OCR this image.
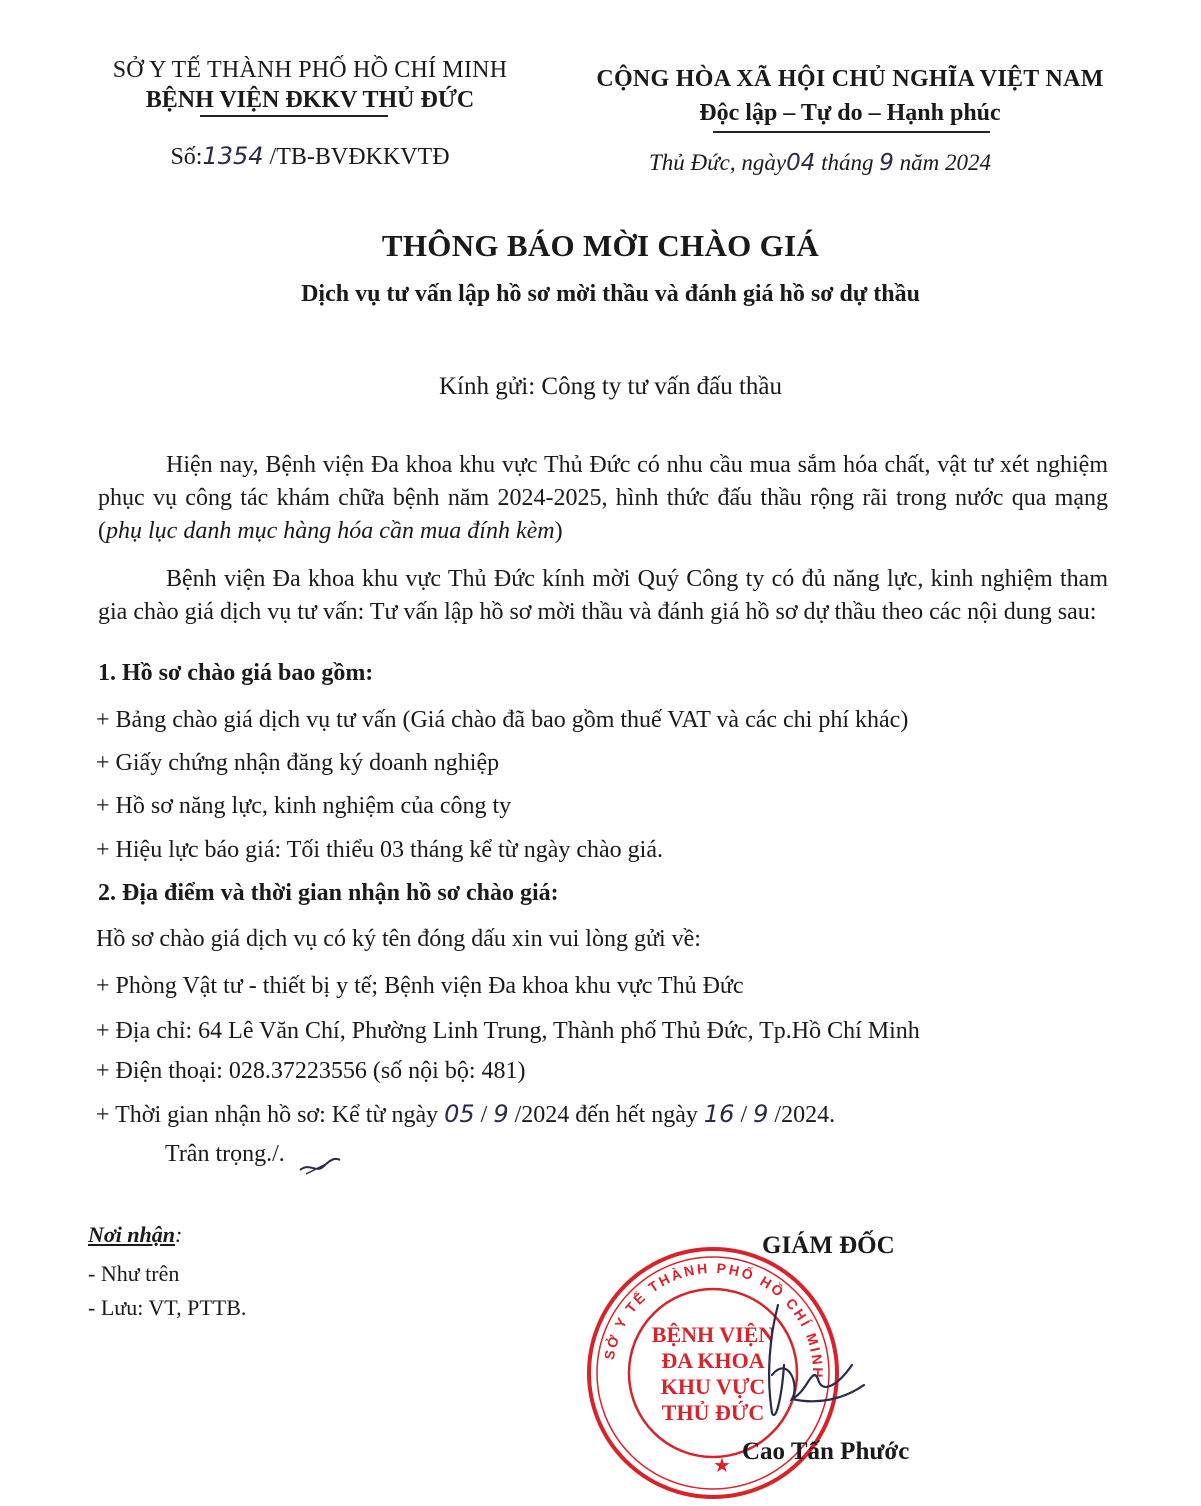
SỞ Y TẾ THÀNH PHỐ HỒ CHÍ MINH
BỆNH VIỆN ĐKKV THỦ ĐỨC
Số:1354 /TB-BVĐKKVTĐ
CỘNG HÒA XÃ HỘI CHỦ NGHĨA VIỆT NAM
Độc lập – Tự do – Hạnh phúc
Thủ Đức, ngày04 tháng 9 năm 2024
THÔNG BÁO MỜI CHÀO GIÁ
Dịch vụ tư vấn lập hồ sơ mời thầu và đánh giá hồ sơ dự thầu
Kính gửi: Công ty tư vấn đấu thầu
Hiện nay, Bệnh viện Đa khoa khu vực Thủ Đức có nhu cầu mua sắm hóa chất, vật tư xét nghiệm phục vụ công tác khám chữa bệnh năm 2024-2025, hình thức đấu thầu rộng rãi trong nước qua mạng (phụ lục danh mục hàng hóa cần mua đính kèm)
Bệnh viện Đa khoa khu vực Thủ Đức kính mời Quý Công ty có đủ năng lực, kinh nghiệm tham gia chào giá dịch vụ tư vấn: Tư vấn lập hồ sơ mời thầu và đánh giá hồ sơ dự thầu theo các nội dung sau:
1. Hồ sơ chào giá bao gồm:
+ Bảng chào giá dịch vụ tư vấn (Giá chào đã bao gồm thuế VAT và các chi phí khác)
+ Giấy chứng nhận đăng ký doanh nghiệp
+ Hồ sơ năng lực, kinh nghiệm của công ty
+ Hiệu lực báo giá: Tối thiểu 03 tháng kể từ ngày chào giá.
2. Địa điểm và thời gian nhận hồ sơ chào giá:
Hồ sơ chào giá dịch vụ có ký tên đóng dấu xin vui lòng gửi về:
+ Phòng Vật tư - thiết bị y tế; Bệnh viện Đa khoa khu vực Thủ Đức
+ Địa chỉ: 64 Lê Văn Chí, Phường Linh Trung, Thành phố Thủ Đức, Tp.Hồ Chí Minh
+ Điện thoại: 028.37223556 (số nội bộ: 481)
+ Thời gian nhận hồ sơ: Kể từ ngày 05 / 9 /2024 đến hết ngày 16 / 9 /2024.
Trân trọng./.
Nơi nhận:
- Như trên
- Lưu: VT, PTTB.
GIÁM ĐỐC
SỞ Y TẾ THÀNH PHỐ HỒ CHÍ MINH
★
BỆNH VIỆN
ĐA KHOA
KHU VỰC
THỦ ĐỨC
Cao Tấn Phước
